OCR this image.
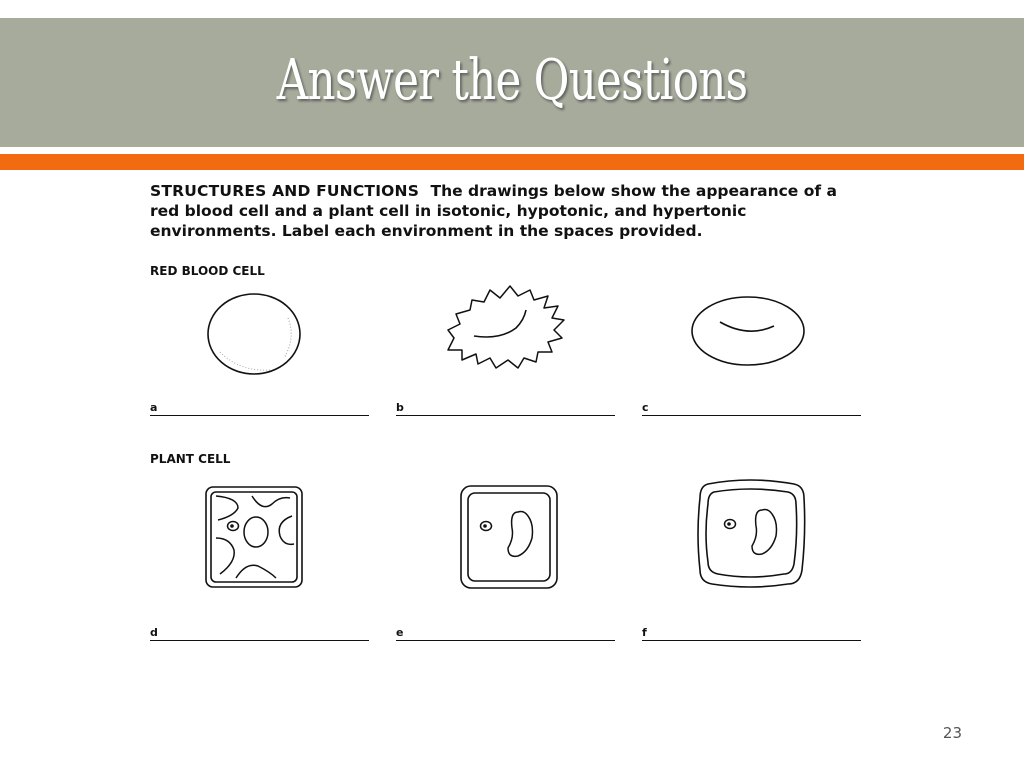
Answer the Questions
STRUCTURES AND FUNCTIONS The drawings below show the appearance of a red blood cell and a plant cell in isotonic, hypotonic, and hypertonic environments. Label each environment in the spaces provided.
RED BLOOD CELL
a	b	c
PLANT CELL
d	e	f
23
